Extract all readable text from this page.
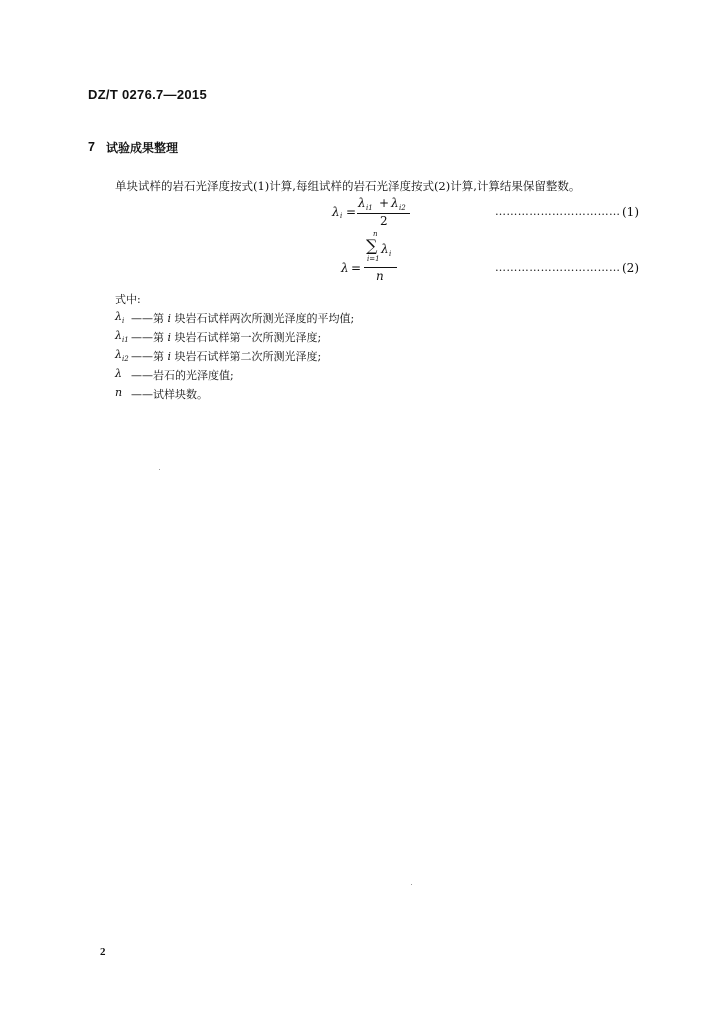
DZ/T 0276.7—2015
7 试验成果整理
单块试样的岩石光泽度按式(1)计算,每组试样的岩石光泽度按式(2)计算,计算结果保留整数。
λ i =
λ i1 + λ i2
2
…………………………… (1)
λ =
n
∑
i=1
λ i
n
…………………………… (2)
式中:
$\lambda_i$ ——第 i 块岩石试样两次所测光泽度的平均值;
$\lambda_{i1}$ ——第 i 块岩石试样第一次所测光泽度;
$\lambda_{i2}$ ——第 i 块岩石试样第二次所测光泽度;
λ ——岩石的光泽度值;
n ——试样块数。
2
